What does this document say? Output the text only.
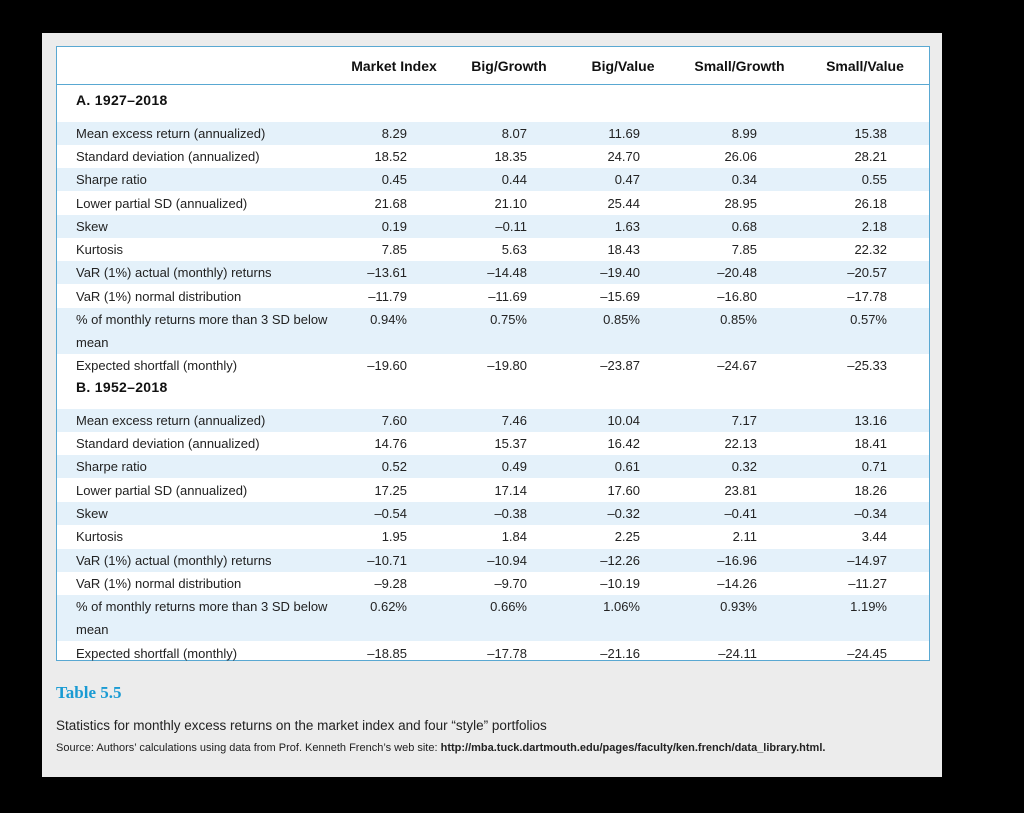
Market Index	Big/Growth	Big/Value	Small/Growth	Small/Value
A. 1927–2018
Mean excess return (annualized)	8.29	8.07	11.69	8.99	15.38
Standard deviation (annualized)	18.52	18.35	24.70	26.06	28.21
Sharpe ratio	0.45	0.44	0.47	0.34	0.55
Lower partial SD (annualized)	21.68	21.10	25.44	28.95	26.18
Skew	0.19	–0.11	1.63	0.68	2.18
Kurtosis	7.85	5.63	18.43	7.85	22.32
VaR (1%) actual (monthly) returns	–13.61	–14.48	–19.40	–20.48	–20.57
VaR (1%) normal distribution	–11.79	–11.69	–15.69	–16.80	–17.78
% of monthly returns more than 3 SD below mean
0.94%	0.75%	0.85%	0.85%	0.57%
Expected shortfall (monthly)	–19.60	–19.80	–23.87	–24.67	–25.33
B. 1952–2018
Mean excess return (annualized)	7.60	7.46	10.04	7.17	13.16
Standard deviation (annualized)	14.76	15.37	16.42	22.13	18.41
Sharpe ratio	0.52	0.49	0.61	0.32	0.71
Lower partial SD (annualized)	17.25	17.14	17.60	23.81	18.26
Skew	–0.54	–0.38	–0.32	–0.41	–0.34
Kurtosis	1.95	1.84	2.25	2.11	3.44
VaR (1%) actual (monthly) returns	–10.71	–10.94	–12.26	–16.96	–14.97
VaR (1%) normal distribution	–9.28	–9.70	–10.19	–14.26	–11.27
% of monthly returns more than 3 SD below mean
0.62%	0.66%	1.06%	0.93%	1.19%
Expected shortfall (monthly)	–18.85	–17.78	–21.16	–24.11	–24.45
Table 5.5
Statistics for monthly excess returns on the market index and four “style” portfolios
Source: Authors’ calculations using data from Prof. Kenneth French’s web site: http://mba.tuck.dartmouth.edu/pages/faculty/ken.french/data_library.html.
